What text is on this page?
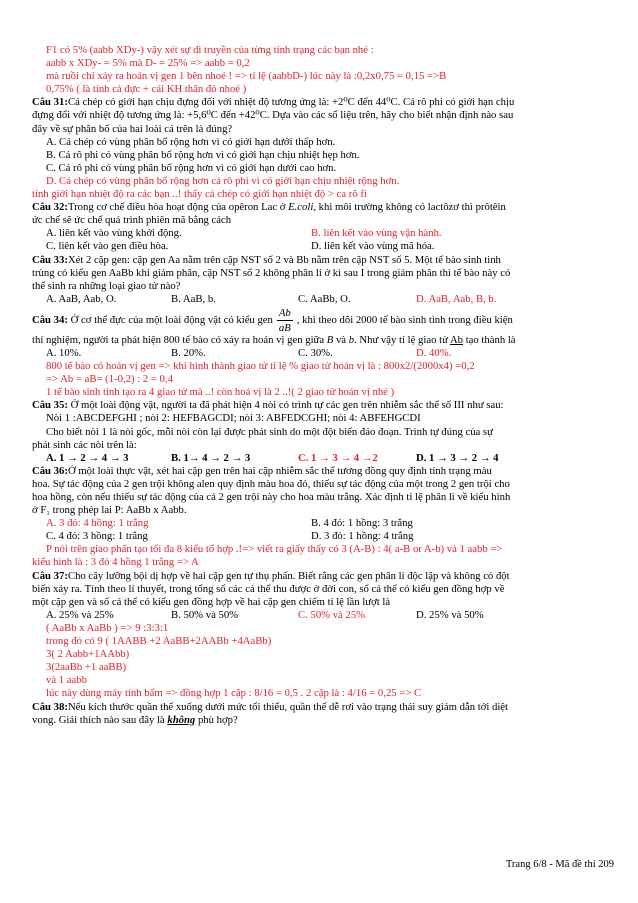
F1 có 5% (aabb XDy-) vậy xét sự di truyền của từng tính trạng các bạn nhé :
aabb x XDy- = 5% mà D- = 25% => aabb = 0,2
mà ruồi chỉ xảy ra hoán vị gen 1 bên nhoé ! => tỉ lệ (aabbD-) lúc này là :0,2x0,75 = 0,15 =>B
0,75% ( là tính cả đực + cái KH thân đỏ nhoé )
Câu 31:Cá chép có giới hạn chịu đựng đối với nhiệt độ tương ứng là: +2⁰C đến 44⁰C. Cá rô phi có giới hạn chịu
đựng đối với nhiệt độ tương ứng là: +5,6⁰C đến +42⁰C. Dựa vào các số liệu trên, hãy cho biết nhận định nào sau
đây về sự phân bố của hai loài cá trên là đúng?
A. Cá chép có vùng phân bố rộng hơn vì có giới hạn dưới thấp hơn.
B. Cá rô phi có vùng phân bố rộng hơn vì có giới hạn chịu nhiệt hẹp hơn.
C. Cá rô phi có vùng phân bố rộng hơn vì có giới hạn dưới cao hơn.
D. Cá chép có vùng phân bố rộng hơn cá rô phi vì có giới hạn chịu nhiệt rộng hơn.
tính giới hạn nhiệt độ ra các bạn ..! thấy cá chép có giới hạn nhiệt độ > ca rô fi
Câu 32:Trong cơ chế điều hòa hoạt động của opêron Lac ở E.coli, khi môi trường không có lactôzơ thì prôtêin
ức chế sẽ ức chế quá trình phiên mã bằng cách
A. liên kết vào vùng khởi động.	B. liên kết vào vùng vận hành.
C. liên kết vào gen điều hòa.	D. liên kết vào vùng mã hóa.
Câu 33:Xét 2 cặp gen: cặp gen Aa nằm trên cặp NST số 2 và Bb nằm trên cặp NST số 5. Một tế bào sinh tinh
trùng có kiểu gen AaBb khi giảm phân, cặp NST số 2 không phân li ở kì sau I trong giảm phân thì tế bào này có
thể sinh ra những loại giao tử nào?
A. AaB, Aab, O.	B. AaB, b.	C. AaBb, O.	D. AaB, Aab, B, b.
Câu 34: Ở cơ thể đực của một loài động vật có kiểu gen $\frac{Ab}{aB}$ , khi theo dõi 2000 tế bào sinh tinh trong điều kiện
thí nghiệm, người ta phát hiện 800 tế bào có xảy ra hoán vị gen giữa B và b. Như vậy tỉ lệ giao tử Ab tạo thành là
A. 10%.	B. 20%.	C. 30%.	D. 40%.
800 tế bào có hoán vị gen => khi hình thành giao tử tỉ lệ % giao tử hoán vị là : 800x2/(2000x4) =0,2
=> Ab = aB= (1-0,2) : 2 = 0,4
1 tế bào sinh tinh tạo ra 4 giao tử mà ..! còn hoá vị là 2 ..!( 2 giao tử hoán vị nhé )
Câu 35: Ở một loài động vật, người ta đã phát hiện 4 nòi có trình tự các gen trên nhiễm sắc thể số III như sau:
Nòi 1 :ABCDEFGHI ; nòi 2: HEFBAGCDI; nòi 3: ABFEDCGHI; nòi 4: ABFEHGCDI
Cho biết nòi 1 là nòi gốc, mỗi nòi còn lại được phát sinh do một đột biến đảo đoạn. Trình tự đúng của sự
phát sinh các nòi trên là:
A. 1 → 2 → 4 → 3	B. 1→ 4 → 2 → 3	C. 1 → 3 → 4 →2	D. 1 → 3 → 2 → 4
Câu 36:Ở một loài thực vật, xét hai cặp gen trên hai cặp nhiễm sắc thể tương đồng quy định tính trạng màu
hoa. Sự tác động của 2 gen trội không alen quy định màu hoa đỏ, thiếu sự tác động của một trong 2 gen trội cho
hoa hồng, còn nếu thiếu sự tác động của cả 2 gen trội này cho hoa màu trắng. Xác định tỉ lệ phân li về kiểu hình
ở F₁ trong phép lai P: AaBb x Aabb.
A. 3 đỏ: 4 hồng: 1 trắng	B. 4 đỏ: 1 hồng: 3 trắng
C. 4 đỏ: 3 hồng: 1 trắng	D. 3 đỏ: 1 hồng: 4 trắng
P nói trên giao phấn tạo tối đa 8 kiểu tổ hợp .!=> viết ra giấy thấy có 3 (A-B) : 4( a-B or A-b) và 1 aabb =>
kiểu hình là : 3 đỏ 4 hồng 1 trắng => A
Câu 37:Cho cây lưỡng bội dị hợp về hai cặp gen tự thụ phấn. Biết rằng các gen phân li độc lập và không có đột
biến xảy ra. Tính theo lí thuyết, trong tổng số các cá thể thu được ở đời con, số cá thể có kiểu gen đồng hợp về
một cặp gen và số cá thể có kiểu gen đồng hợp về hai cặp gen chiếm tỉ lệ lần lượt là
A. 25% và 25%	B. 50% và 50%	C. 50% và 25%	D. 25% và 50%
( AaBb x AaBb ) => 9 :3:3:1
trong đó có 9 ( 1AABB +2 AaBB+2AABb +4AaBb)
3( 2 Aabb+1AAbb)
3(2aaBb +1 aaBB)
và 1 aabb
lúc này dùng máy tính bấm => đồng hợp 1 cặp : 8/16 = 0,5 . 2 cặp là : 4/16 = 0,25 => C
Câu 38:Nếu kích thước quần thể xuống dưới mức tối thiểu, quần thể dễ rơi vào trạng thái suy giảm dẫn tới diệt
vong. Giải thích nào sau đây là không phù hợp?
Trang 6/8 - Mã đề thi 209
